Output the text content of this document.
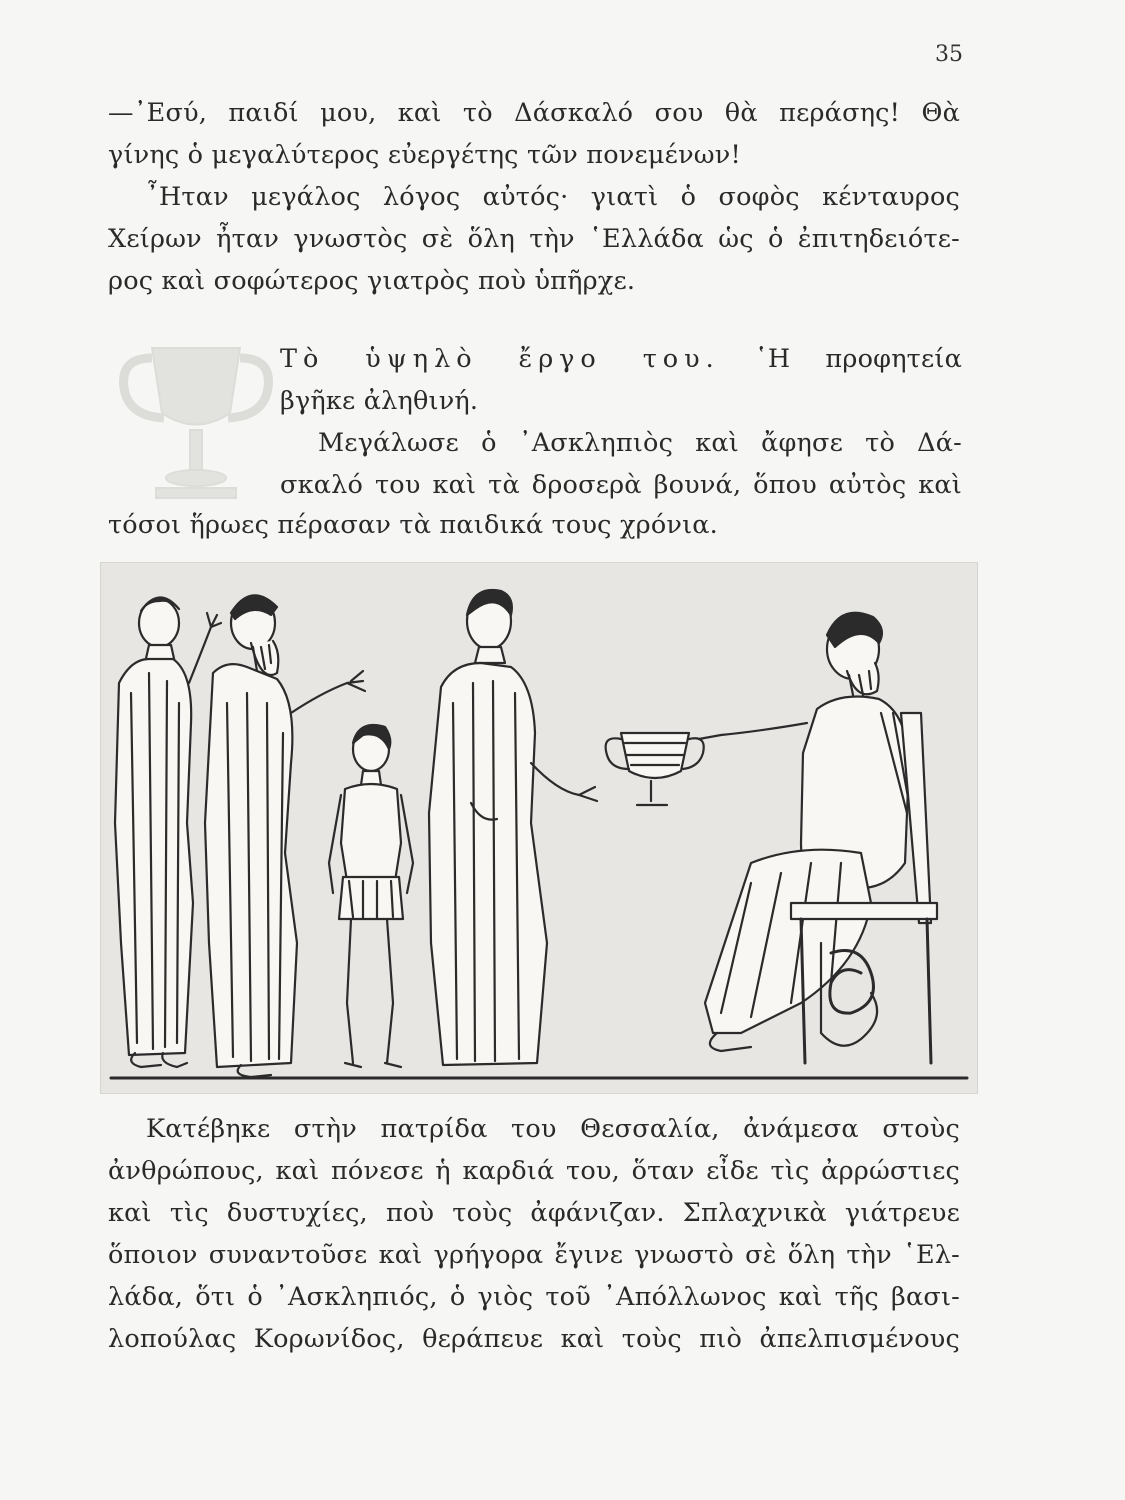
35
—᾿Εσύ, παιδί μου, καὶ τὸ Δάσκαλό σου θὰ περάσης! Θὰ
γίνης ὁ μεγαλύτερος εὐεργέτης τῶν πονεμένων!
῏Ηταν μεγάλος λόγος αὐτός· γιατὶ ὁ σοφὸς κένταυρος
Χείρων ἦταν γνωστὸς σὲ ὅλη τὴν ῾Ελλάδα ὡς ὁ ἐπιτηδειότε-
ρος καὶ σοφώτερος γιατρὸς ποὺ ὑπῆρχε.
Τὸ ὑψηλὸ ἔργο του. ῾Η προφητεία
βγῆκε ἀληθινή.
Μεγάλωσε ὁ ᾿Ασκληπιὸς καὶ ἄφησε τὸ Δά-
σκαλό του καὶ τὰ δροσερὰ βουνά, ὅπου αὐτὸς καὶ
τόσοι ἥρωες πέρασαν τὰ παιδικά τους χρόνια.
Κατέβηκε στὴν πατρίδα του Θεσσαλία, ἀνάμεσα στοὺς
ἀνθρώπους, καὶ πόνεσε ἡ καρδιά του, ὅταν εἶδε τὶς ἀρρώστιες
καὶ τὶς δυστυχίες, ποὺ τοὺς ἀφάνιζαν. Σπλαχνικὰ γιάτρευε
ὅποιον συναντοῦσε καὶ γρήγορα ἔγινε γνωστὸ σὲ ὅλη τὴν ῾Ελ-
λάδα, ὅτι ὁ ᾿Ασκληπιός, ὁ γιὸς τοῦ ᾿Απόλλωνος καὶ τῆς βασι-
λοπούλας Κορωνίδος, θεράπευε καὶ τοὺς πιὸ ἀπελπισμένους
